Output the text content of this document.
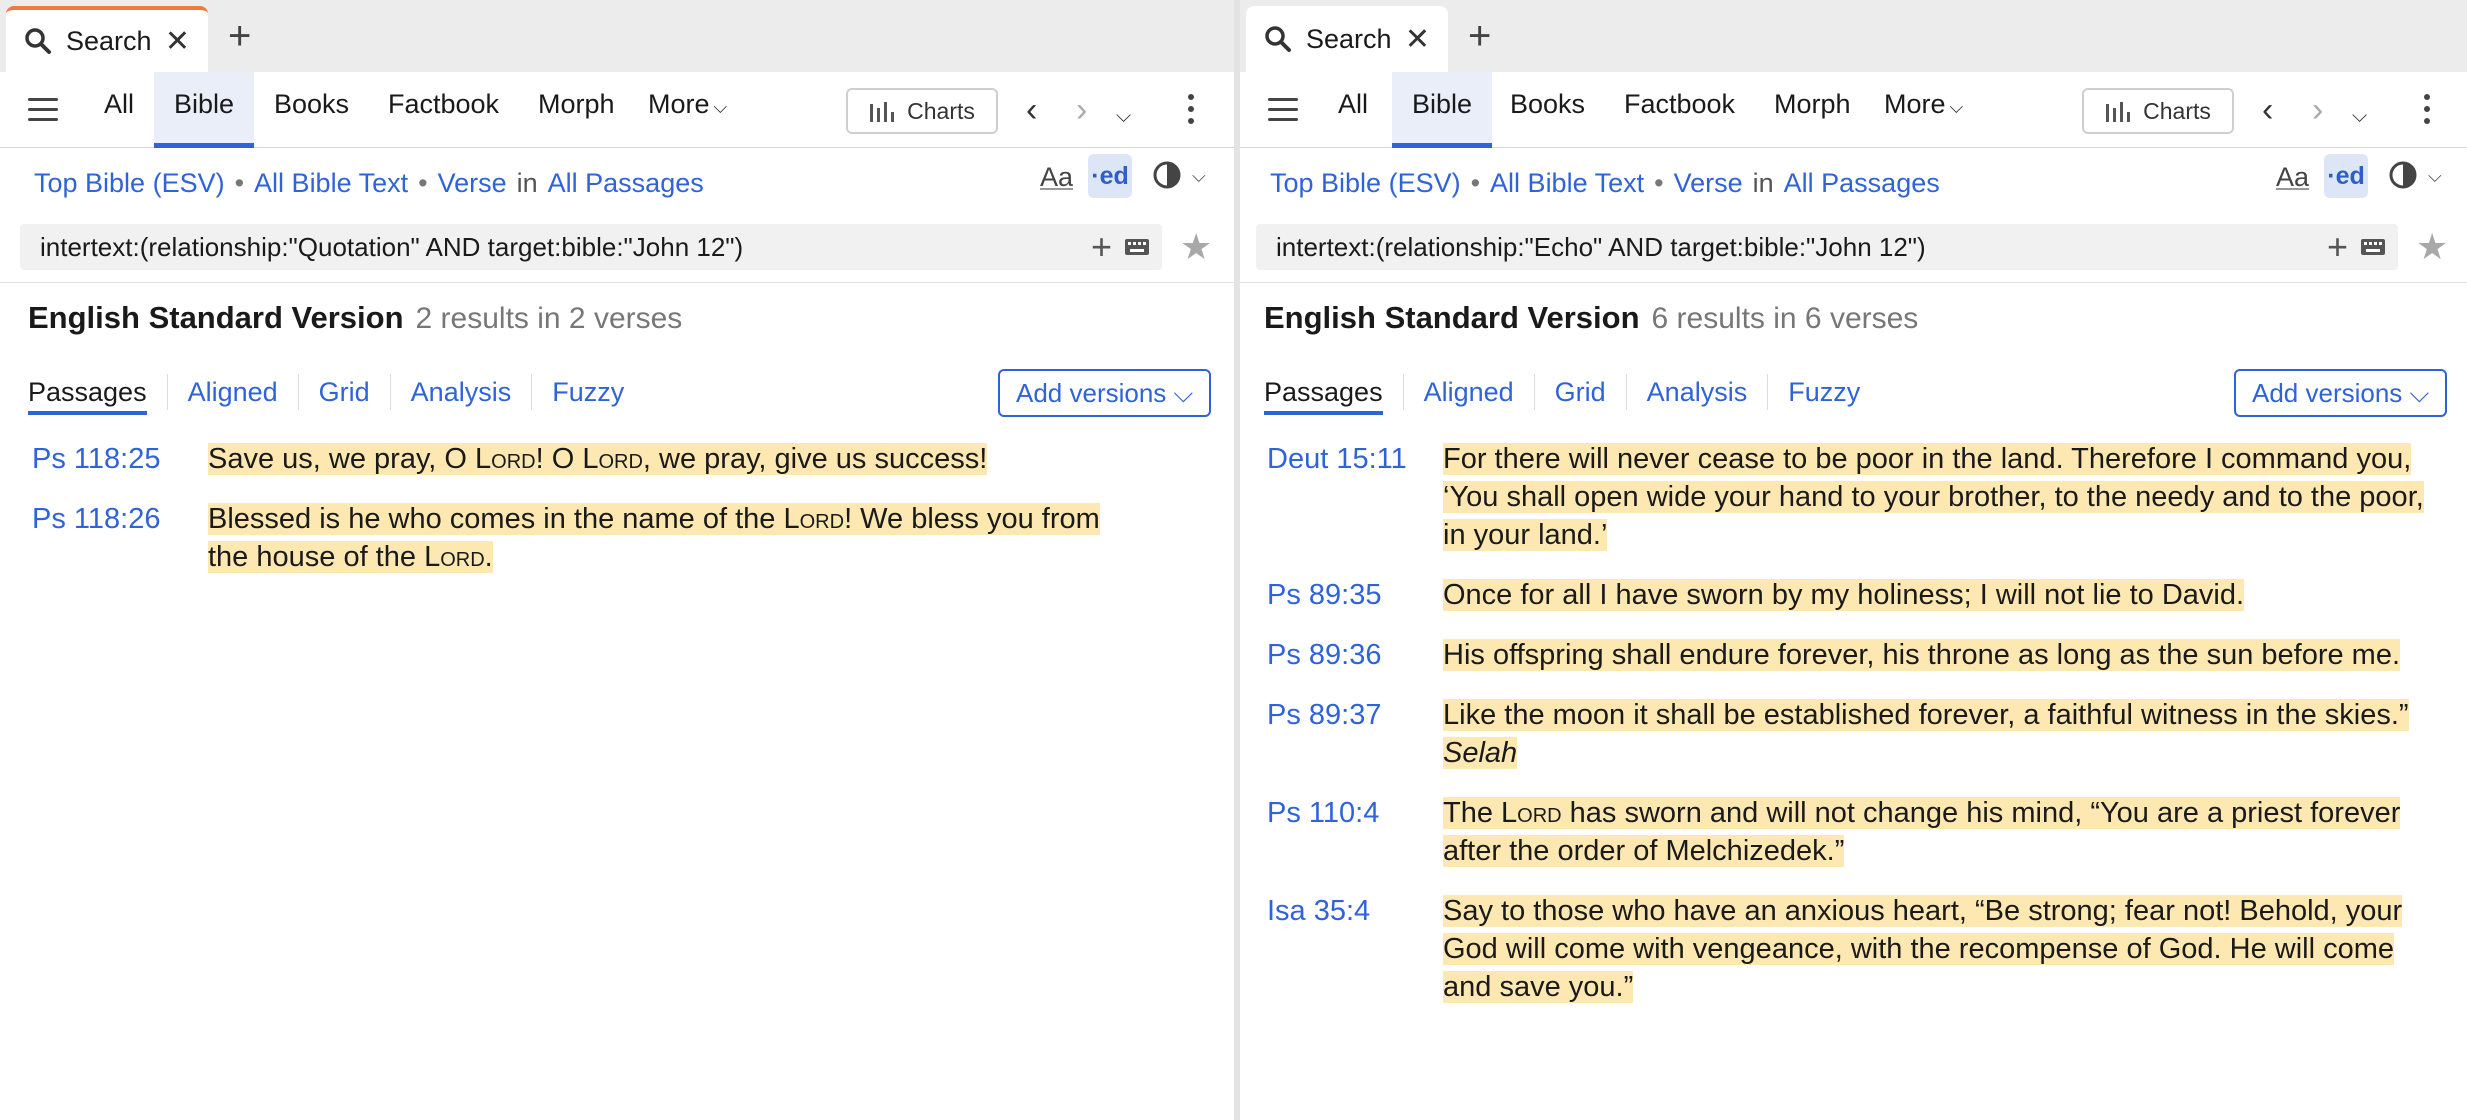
Search ✕ +
All	Bible	Books Factbook Morph More ⌵	Charts ‹ › ⌵
Top Bible (ESV) • All Bible Text • Verse in All Passages	Aa ·ed	⌵
intertext:(relationship:"Quotation" AND target:bible:"John 12")	+ ★
English Standard Version 2 results in 2 verses
Passages	Aligned	Grid	Analysis	Fuzzy	Add versions ⌵
Ps 118:25	Save us, we pray, O Lord! O Lord, we pray, give us success!
Ps 118:26	Blessed is he who comes in the name of the Lord! We bless you from the house of the Lord.
Search ✕ +
All	Bible	Books Factbook Morph More ⌵	Charts ‹ › ⌵
Top Bible (ESV) • All Bible Text • Verse in All Passages	Aa ·ed	⌵
intertext:(relationship:"Echo" AND target:bible:"John 12")	+ ★
English Standard Version 6 results in 6 verses
Passages	Aligned	Grid	Analysis	Fuzzy	Add versions ⌵
Deut 15:11	For there will never cease to be poor in the land. Therefore I command you, ‘You shall open wide your hand to your brother, to the needy and to the poor, in your land.’
Ps 89:35	Once for all I have sworn by my holiness; I will not lie to David.
Ps 89:36	His offspring shall endure forever, his throne as long as the sun before me.
Ps 89:37	Like the moon it shall be established forever, a faithful witness in the skies.” Selah
Ps 110:4	The Lord has sworn and will not change his mind, “You are a priest forever after the order of Melchizedek.”
Isa 35:4	Say to those who have an anxious heart, “Be strong; fear not! Behold, your God will come with vengeance, with the recompense of God. He will come and save you.”
